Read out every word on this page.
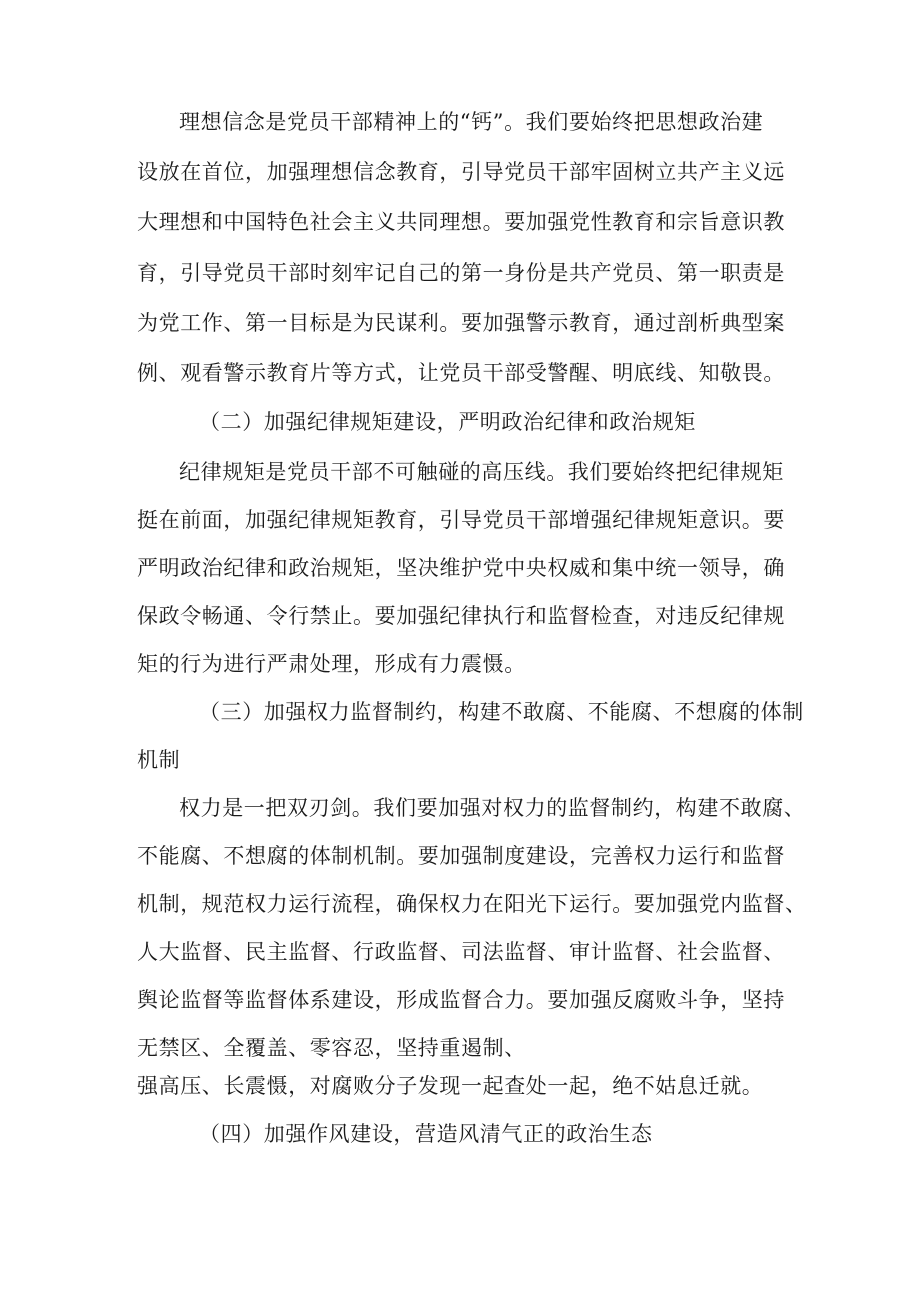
理想信念是党员干部精神上的“钙”。我们要始终把思想政治建
设放在首位，加强理想信念教育，引导党员干部牢固树立共产主义远
大理想和中国特色社会主义共同理想。要加强党性教育和宗旨意识教
育，引导党员干部时刻牢记自己的第一身份是共产党员、第一职责是
为党工作、第一目标是为民谋利。要加强警示教育，通过剖析典型案
例、观看警示教育片等方式，让党员干部受警醒、明底线、知敬畏。
（二）加强纪律规矩建设，严明政治纪律和政治规矩
纪律规矩是党员干部不可触碰的高压线。我们要始终把纪律规矩
挺在前面，加强纪律规矩教育，引导党员干部增强纪律规矩意识。要
严明政治纪律和政治规矩，坚决维护党中央权威和集中统一领导，确
保政令畅通、令行禁止。要加强纪律执行和监督检查，对违反纪律规
矩的行为进行严肃处理，形成有力震慑。
（三）加强权力监督制约，构建不敢腐、不能腐、不想腐的体制
机制
权力是一把双刃剑。我们要加强对权力的监督制约，构建不敢腐、
不能腐、不想腐的体制机制。要加强制度建设，完善权力运行和监督
机制，规范权力运行流程，确保权力在阳光下运行。要加强党内监督、
人大监督、民主监督、行政监督、司法监督、审计监督、社会监督、
舆论监督等监督体系建设，形成监督合力。要加强反腐败斗争，坚持
无禁区、全覆盖、零容忍，坚持重遏制、
强高压、长震慑，对腐败分子发现一起查处一起，绝不姑息迁就。
（四）加强作风建设，营造风清气正的政治生态
